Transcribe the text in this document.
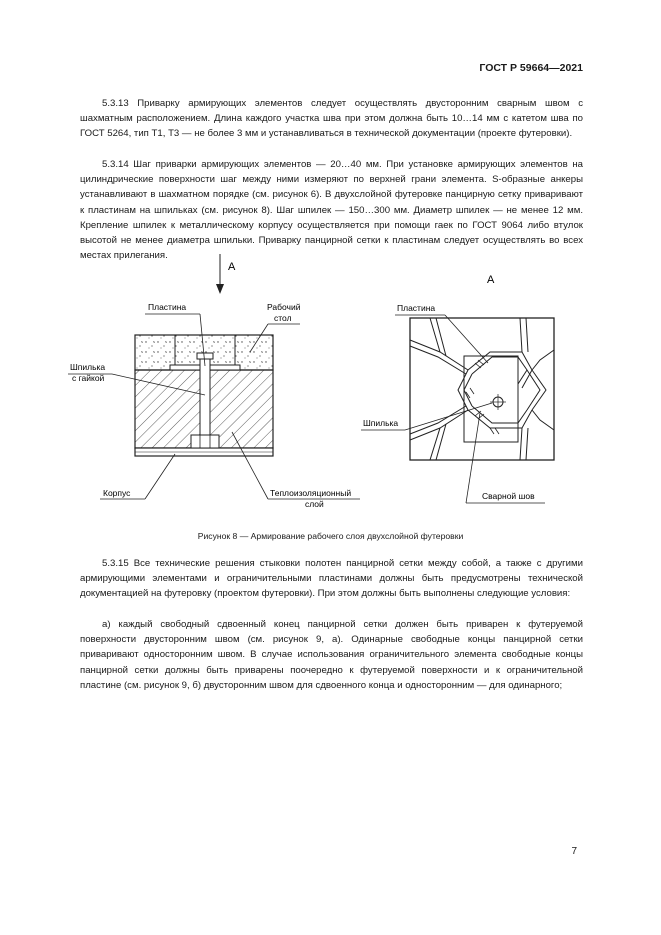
ГОСТ Р 59664—2021

5.3.13 Приварку армирующих элементов следует осуществлять двусторонним сварным швом с шахматным расположением. Длина каждого участка шва при этом должна быть 10…14 мм с катетом шва по ГОСТ 5264, тип Т1, Т3 — не более 3 мм и устанавливаться в технической документации (проекте футеровки).

5.3.14 Шаг приварки армирующих элементов — 20…40 мм. При установке армирующих элементов на цилиндрические поверхности шаг между ними измеряют по верхней грани элемента. S-образные анкеры устанавливают в шахматном порядке (см. рисунок 6). В двухслойной футеровке панцирную сетку приваривают к пластинам на шпильках (см. рисунок 8). Шаг шпилек — 150…300 мм. Диаметр шпилек — не менее 12 мм. Крепление шпилек к металлическому корпусу осуществляется при помощи гаек по ГОСТ 9064 либо втулок высотой не менее диаметра шпильки. Приварку панцирной сетки к пластинам следует осуществлять во всех местах прилегания.

А
Пластина	Рабочий
стол
Шпилька
с гайкой
Корпус	Теплоизоляционный
слой
А
Пластина
Шпилька
Сварной шов
Рисунок 8 — Армирование рабочего слоя двухслойной футеровки

5.3.15 Все технические решения стыковки полотен панцирной сетки между собой, а также с другими армирующими элементами и ограничительными пластинами должны быть предусмотрены технической документацией на футеровку (проектом футеровки). При этом должны быть выполнены следующие условия:

а) каждый свободный сдвоенный конец панцирной сетки должен быть приварен к футеруемой поверхности двусторонним швом (см. рисунок 9, а). Одинарные свободные концы панцирной сетки приваривают односторонним швом. В случае использования ограничительного элемента свободные концы панцирной сетки должны быть приварены поочередно к футеруемой поверхности и к ограничительной пластине (см. рисунок 9, б) двусторонним швом для сдвоенного конца и односторонним — для одинарного;

7
